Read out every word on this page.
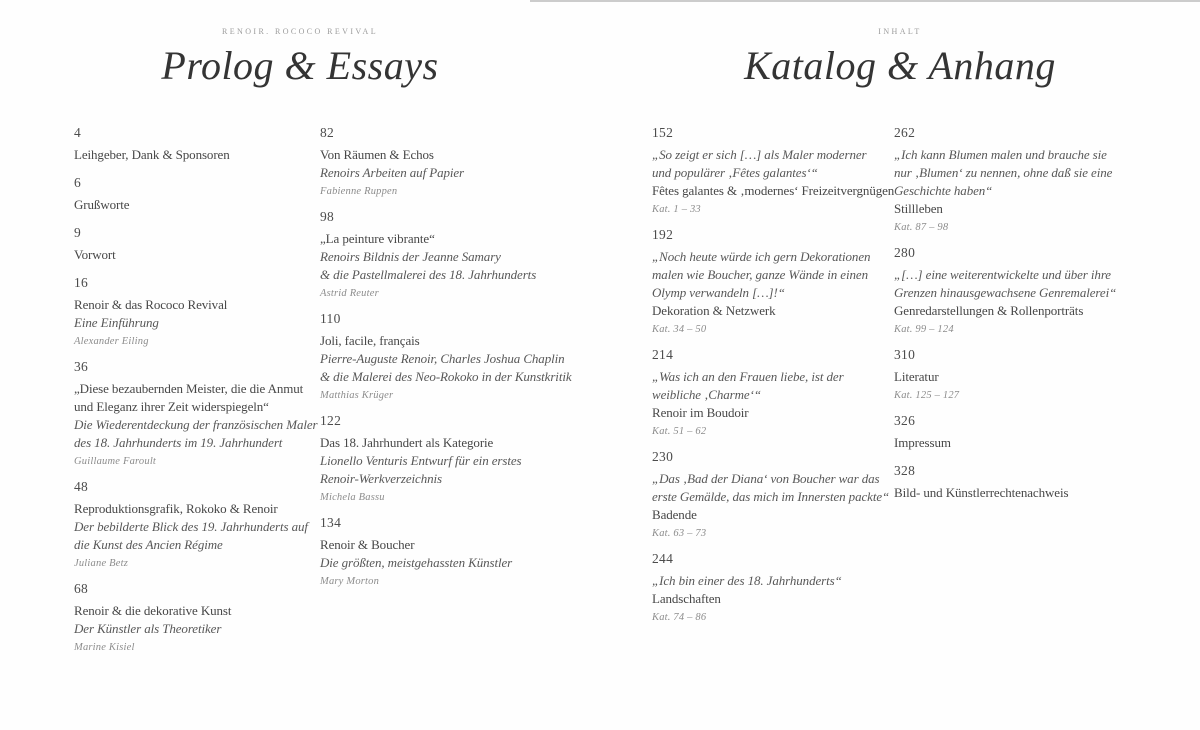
RENOIR. ROCOCO REVIVAL
Prolog & Essays
4
Leihgeber, Dank & Sponsoren
6
Grußworte
9
Vorwort
16
Renoir & das Rococo Revival
Eine Einführung
Alexander Eiling
36
„Diese bezaubernden Meister, die die Anmut
und Eleganz ihrer Zeit widerspiegeln“
Die Wiederentdeckung der französischen Maler
des 18. Jahrhunderts im 19. Jahrhundert
Guillaume Faroult
48
Reproduktionsgrafik, Rokoko & Renoir
Der bebilderte Blick des 19. Jahrhunderts auf
die Kunst des Ancien Régime
Juliane Betz
68
Renoir & die dekorative Kunst
Der Künstler als Theoretiker
Marine Kisiel
82
Von Räumen & Echos
Renoirs Arbeiten auf Papier
Fabienne Ruppen
98
„La peinture vibrante“
Renoirs Bildnis der Jeanne Samary
& die Pastellmalerei des 18. Jahrhunderts
Astrid Reuter
110
Joli, facile, français
Pierre-Auguste Renoir, Charles Joshua Chaplin
& die Malerei des Neo-Rokoko in der Kunstkritik
Matthias Krüger
122
Das 18. Jahrhundert als Kategorie
Lionello Venturis Entwurf für ein erstes
Renoir-Werkverzeichnis
Michela Bassu
134
Renoir & Boucher
Die größten, meistgehassten Künstler
Mary Morton
INHALT
Katalog & Anhang
152
„So zeigt er sich […] als Maler moderner
und populärer ‚Fêtes galantes‘“
Fêtes galantes & ‚modernes‘ Freizeitvergnügen
Kat. 1 – 33
192
„Noch heute würde ich gern Dekorationen
malen wie Boucher, ganze Wände in einen
Olymp verwandeln […]!“
Dekoration & Netzwerk
Kat. 34 – 50
214
„Was ich an den Frauen liebe, ist der
weibliche ‚Charme‘“
Renoir im Boudoir
Kat. 51 – 62
230
„Das ‚Bad der Diana‘ von Boucher war das
erste Gemälde, das mich im Innersten packte“
Badende
Kat. 63 – 73
244
„Ich bin einer des 18. Jahrhunderts“
Landschaften
Kat. 74 – 86
262
„Ich kann Blumen malen und brauche sie
nur ‚Blumen‘ zu nennen, ohne daß sie eine
Geschichte haben“
Stillleben
Kat. 87 – 98
280
„[…] eine weiterentwickelte und über ihre
Grenzen hinausgewachsene Genremalerei“
Genredarstellungen & Rollenporträts
Kat. 99 – 124
310
Literatur
Kat. 125 – 127
326
Impressum
328
Bild- und Künstlerrechtenachweis
